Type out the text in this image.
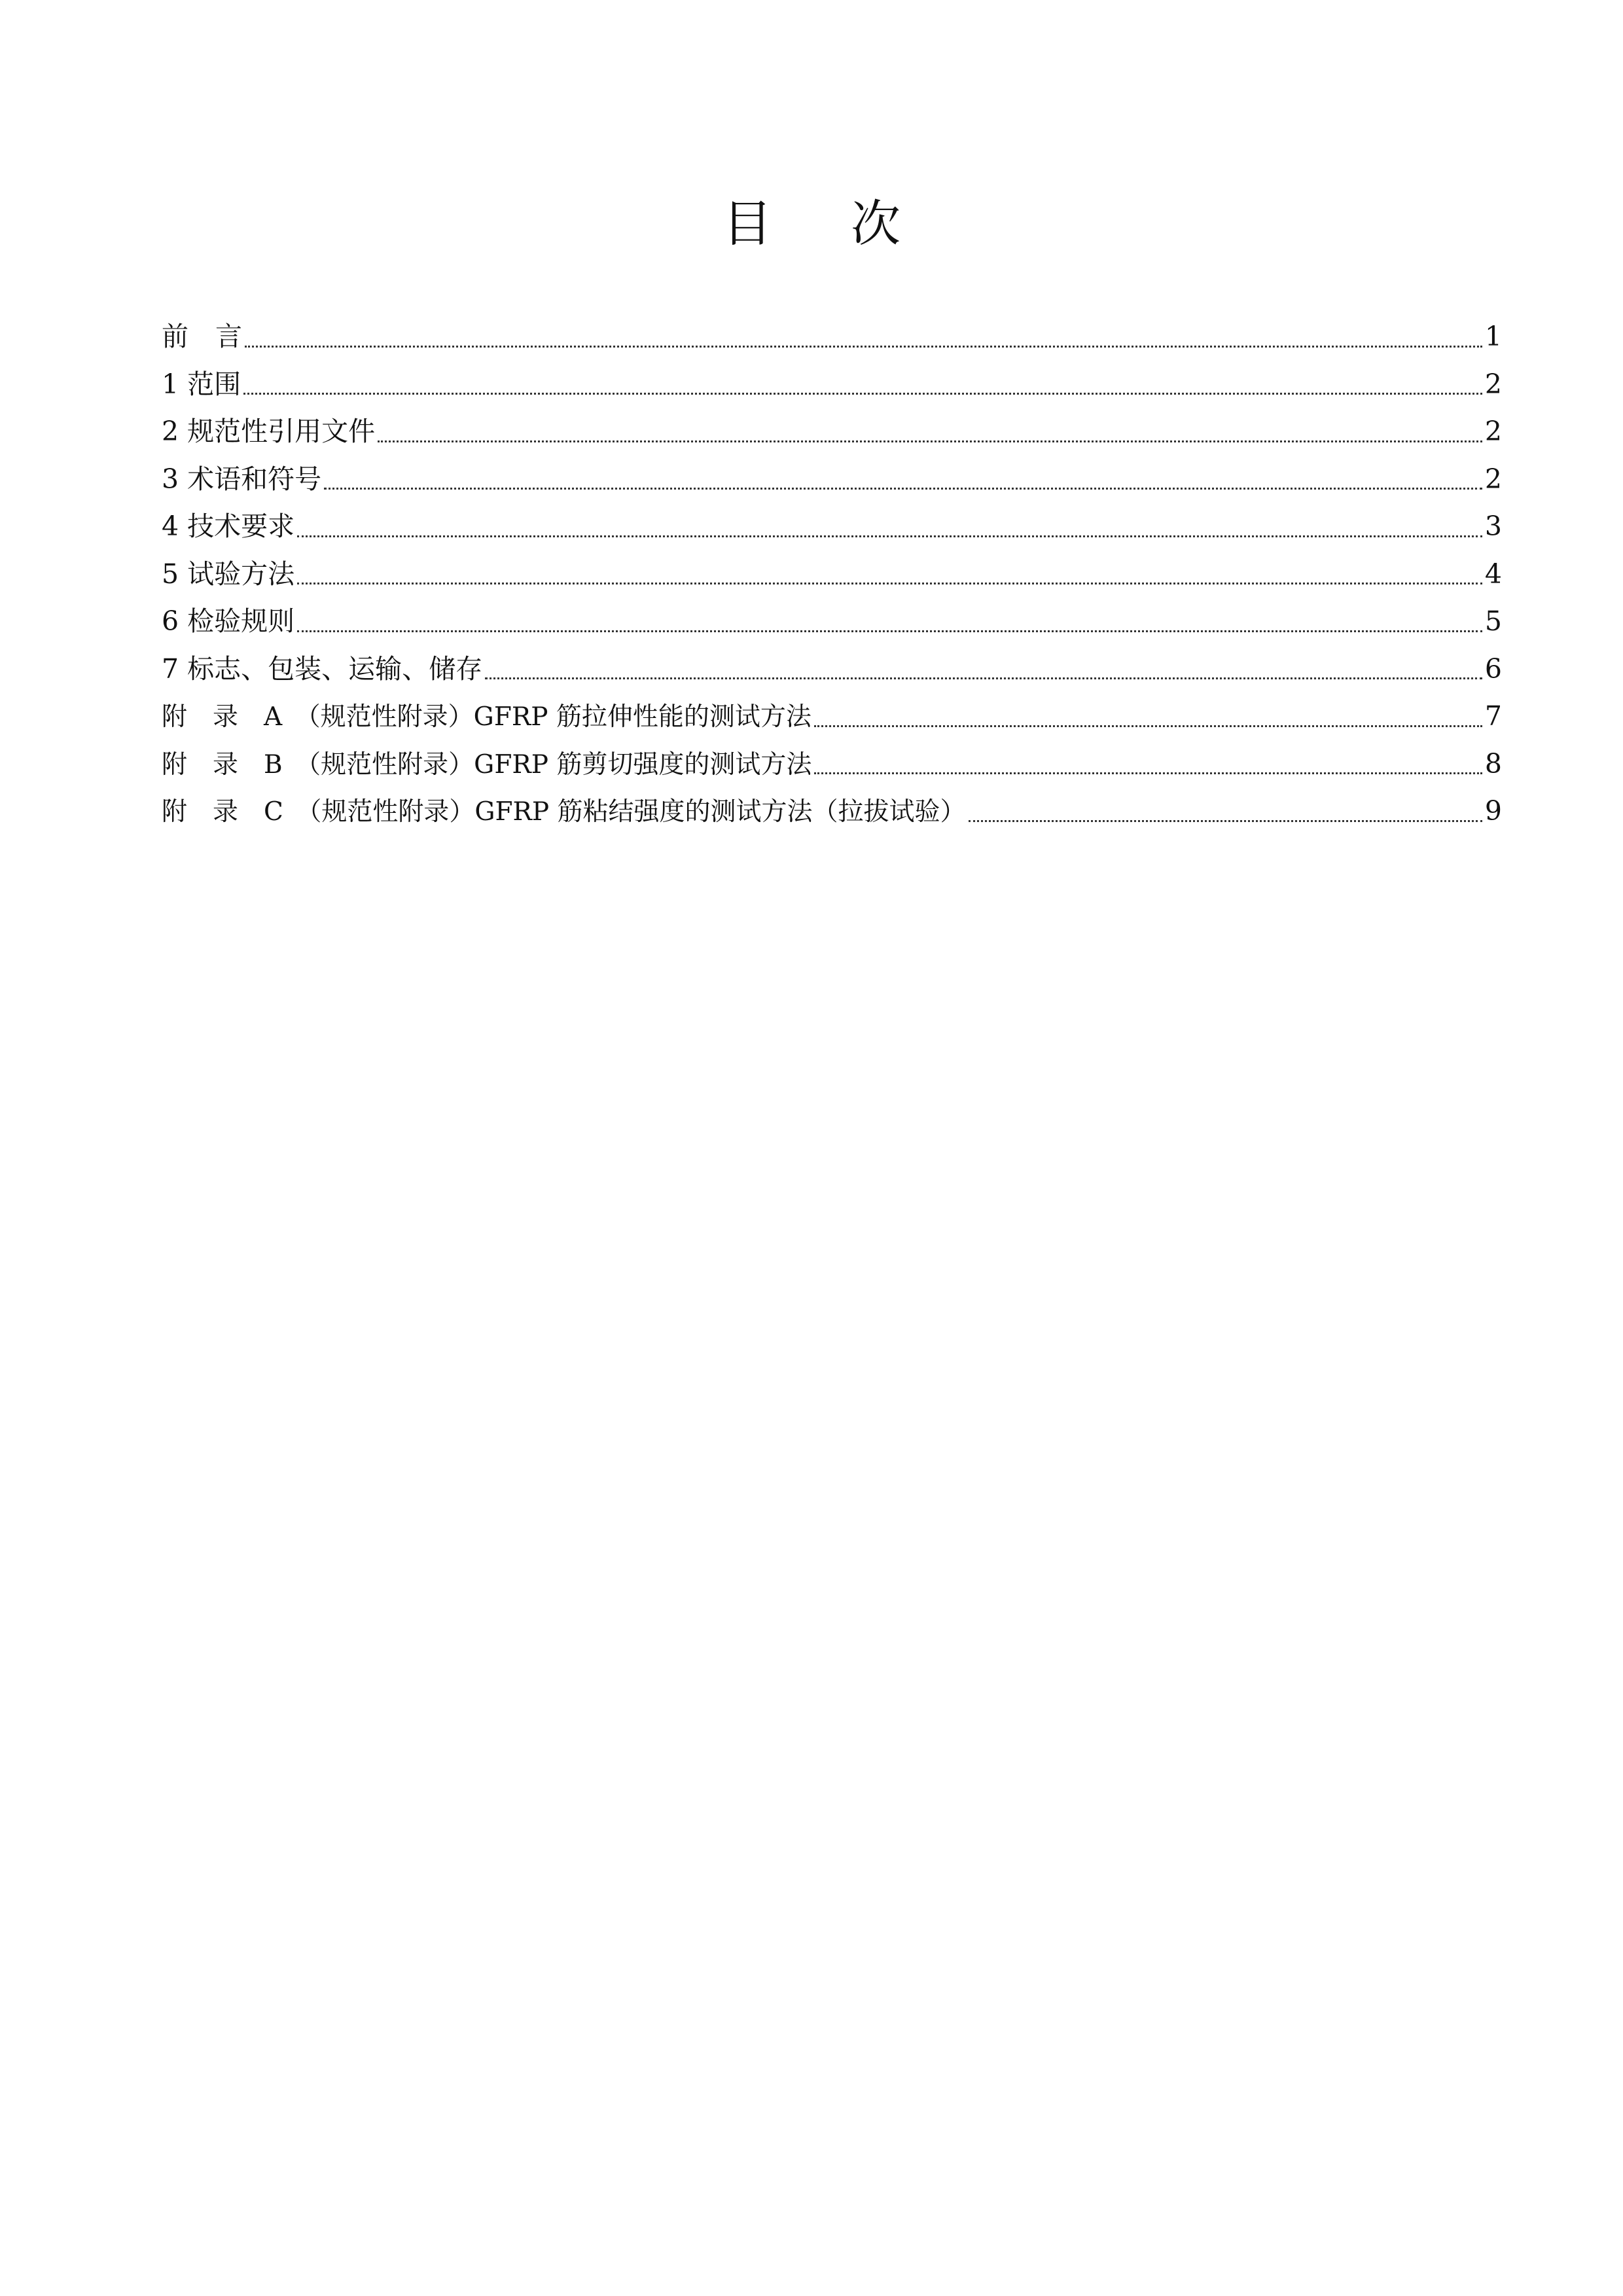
目 次
前　言	1
1 范围	2
2 规范性引用文件	2
3 术语和符号	2
4 技术要求	3
5 试验方法	4
6 检验规则	5
7 标志、包装、运输、储存	6
附　录　A　（规范性附录）GFRP 筋拉伸性能的测试方法	7
附　录　B　（规范性附录）GFRP 筋剪切强度的测试方法	8
附　录　C　（规范性附录）GFRP 筋粘结强度的测试方法（拉拔试验）	9
